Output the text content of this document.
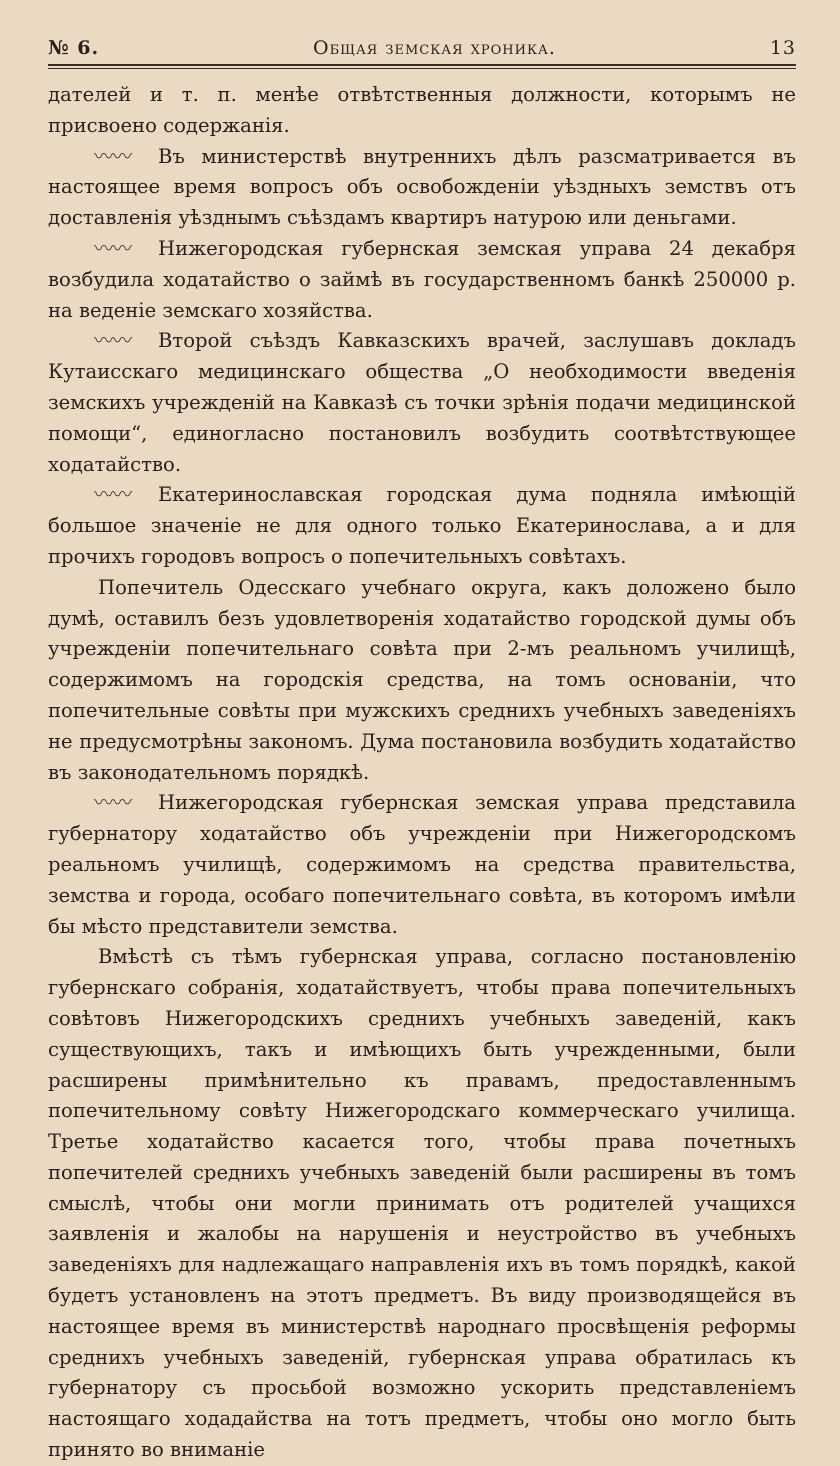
№ 6.	Общая земская хроника.	13

дателей и т. п. менѣе отвѣтственныя должности, которымъ не присвоено содержанія.

〰〰 Въ министерствѣ внутреннихъ дѣлъ разсматривается въ настоящее время вопросъ объ освобожденіи уѣздныхъ земствъ отъ доставленія уѣзднымъ съѣздамъ квартиръ натурою или деньгами.

〰〰 Нижегородская губернская земская управа 24 декабря возбудила ходатайство о займѣ въ государственномъ банкѣ 250000 р. на веденіе земскаго хозяйства.

〰〰 Второй съѣздъ Кавказскихъ врачей, заслушавъ докладъ Кутаисскаго медицинскаго общества „О необходимости введенія земскихъ учрежденій на Кавказѣ съ точки зрѣнія подачи медицинской помощи“, единогласно постановилъ возбудить соотвѣтствующее ходатайство.

〰〰 Екатеринославская городская дума подняла имѣющій большое значеніе не для одного только Екатеринослава, а и для прочихъ городовъ вопросъ о попечительныхъ совѣтахъ.

Попечитель Одесскаго учебнаго округа, какъ доложено было думѣ, оставилъ безъ удовлетворенія ходатайство городской думы объ учрежденіи попечительнаго совѣта при 2-мъ реальномъ училищѣ, содержимомъ на городскія средства, на томъ основаніи, что попечительные совѣты при мужскихъ среднихъ учебныхъ заведеніяхъ не предусмотрѣны закономъ. Дума постановила возбудить ходатайство въ законодательномъ порядкѣ.

〰〰 Нижегородская губернская земская управа представила губернатору ходатайство объ учрежденіи при Нижегородскомъ реальномъ училищѣ, содержимомъ на средства правительства, земства и города, особаго попечительнаго совѣта, въ которомъ имѣли бы мѣсто представители земства.

Вмѣстѣ съ тѣмъ губернская управа, согласно постановленію губернскаго собранія, ходатайствуетъ, чтобы права попечительныхъ совѣтовъ Нижегородскихъ среднихъ учебныхъ заведеній, какъ существующихъ, такъ и имѣющихъ быть учрежденными, были расширены примѣнительно къ правамъ, предоставленнымъ попечительному совѣту Нижегородскаго коммерческаго училища. Третье ходатайство касается того, чтобы права почетныхъ попечителей среднихъ учебныхъ заведеній были расширены въ томъ смыслѣ, чтобы они могли принимать отъ родителей учащихся заявленія и жалобы на нарушенія и неустройство въ учебныхъ заведеніяхъ для надлежащаго направленія ихъ въ томъ порядкѣ, какой будетъ установленъ на этотъ предметъ. Въ виду производящейся въ настоящее время въ министерствѣ народнаго просвѣщенія реформы среднихъ учебныхъ заведеній, губернская управа обратилась къ губернатору съ просьбой возможно ускорить представленіемъ настоящаго ходадайства на тотъ предметъ, чтобы оно могло быть принято во вниманіе
